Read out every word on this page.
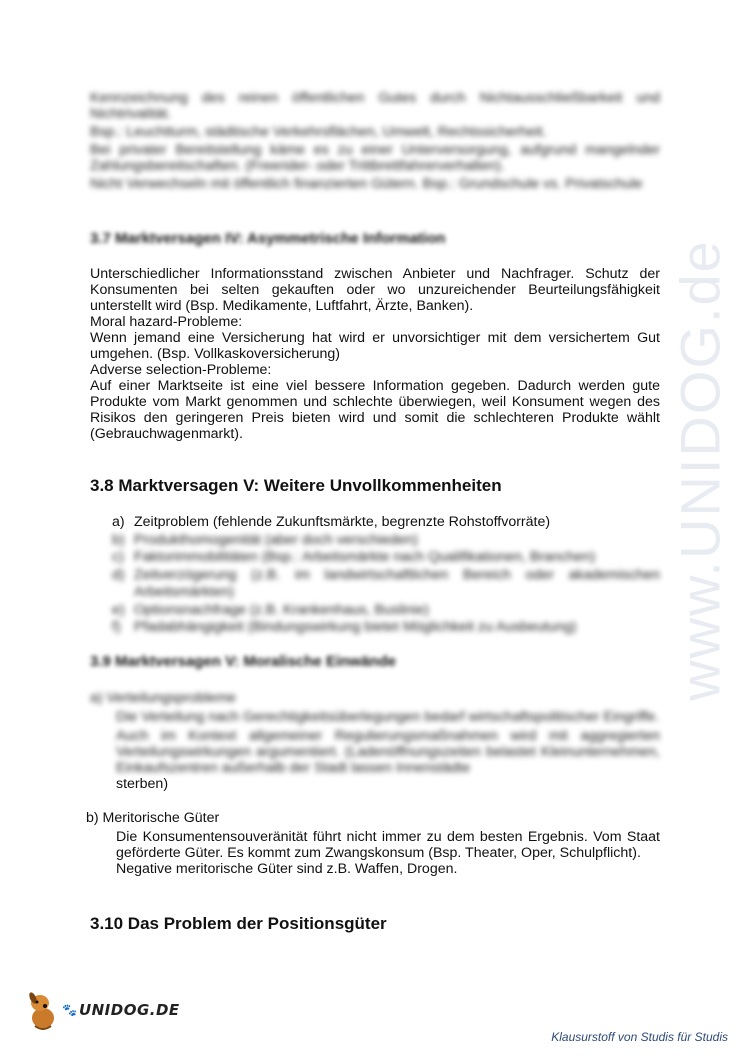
www.UNIDOG.de

Kennzeichnung des reinen öffentlichen Gutes durch Nichtausschließbarkeit und Nichtrivalität.

Bsp.: Leuchtturm, städtische Verkehrsflächen, Umwelt, Rechtssicherheit.

Bei privater Bereitstellung käme es zu einer Unterversorgung, aufgrund mangelnder Zahlungsbereitschaften. (Freerider- oder Trittbrettfahrerverhalten).

Nicht Verwechseln mit öffentlich finanzierten Gütern. Bsp.: Grundschule vs. Privatschule

3.7 Marktversagen IV: Asymmetrische Information

Unterschiedlicher Informationsstand zwischen Anbieter und Nachfrager. Schutz der Konsumenten bei selten gekauften oder wo unzureichender Beurteilungsfähigkeit unterstellt wird (Bsp. Medikamente, Luftfahrt, Ärzte, Banken).

Moral hazard-Probleme:

Wenn jemand eine Versicherung hat wird er unvorsichtiger mit dem versichertem Gut umgehen. (Bsp. Vollkaskoversicherung)

Adverse selection-Probleme:

Auf einer Marktseite ist eine viel bessere Information gegeben. Dadurch werden gute Produkte vom Markt genommen und schlechte überwiegen, weil Konsument wegen des Risikos den geringeren Preis bieten wird und somit die schlechteren Produkte wählt (Gebrauchwagenmarkt).

3.8 Marktversagen V: Weitere Unvollkommenheiten
a) Zeitproblem (fehlende Zukunftsmärkte, begrenzte Rohstoffvorräte)
b) Produkthomogenität (aber doch verschieden)
c) Faktorimmobilitäten (Bsp.: Arbeitsmärkte nach Qualifikationen, Branchen)
d) Zeitverzögerung (z.B. im landwirtschaftlichen Bereich oder akademischen Arbeitsmärkten)
e) Optionsnachfrage (z.B. Krankenhaus, Buslinie)
f) Pfadabhängigkeit (Bindungswirkung bietet Möglichkeit zu Ausbeutung)
3.9 Marktversagen V: Moralische Einwände

a) Verteilungsprobleme

Die Verteilung nach Gerechtigkeitsüberlegungen bedarf wirtschaftspolitischer Eingriffe.

Auch im Kontext allgemeiner Regulierungsmaßnahmen wird mit aggregierten Verteilungswirkungen argumentiert. (Ladenöffnungszeiten belastet Kleinunternehmen, Einkaufszentren außerhalb der Stadt lassen Innenstädte

sterben)

b) Meritorische Güter

Die Konsumentensouveränität führt nicht immer zu dem besten Ergebnis. Vom Staat geförderte Güter. Es kommt zum Zwangskonsum (Bsp. Theater, Oper, Schulpflicht).

Negative meritorische Güter sind z.B. Waffen, Drogen.

3.10 Das Problem der Positionsgüter
🐾 UNIDOG.DE
Klausurstoff von Studis für Studis
